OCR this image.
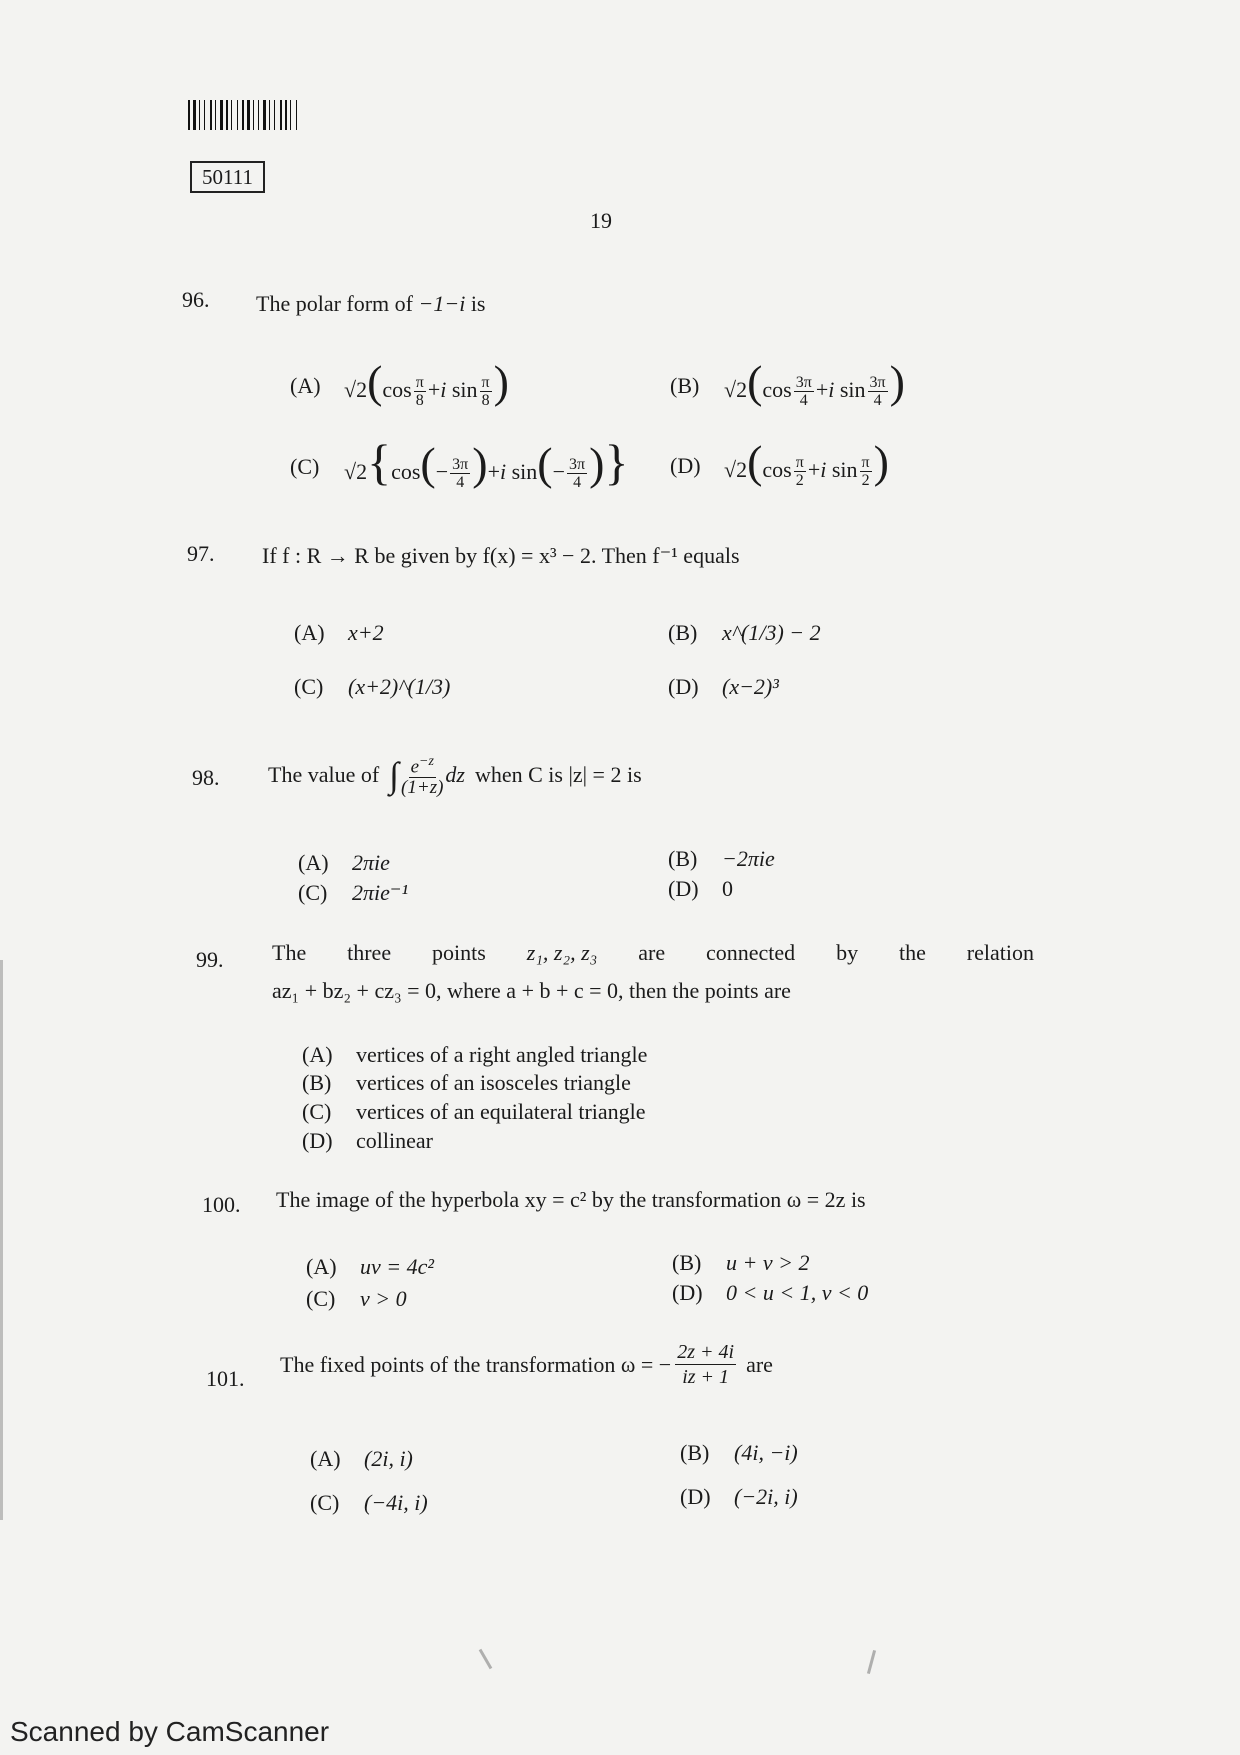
50111
19
96. The polar form of −1−i is
(A)	$√2(\cos \frac{\pi}{8} +i$ $\sin \frac{\pi}{8}$ )	(B)	$√2(\cos \frac{3\pi}{4} +i$ $\sin \frac{3\pi}{4}$ )
(C)	$√2\{\cos(- \frac{3\pi}{4} )+i$ $\sin(- \frac{3\pi}{4}$ )} (D)	$√2(\cos \frac{\pi}{2} +i$ $\sin \frac{\pi}{2}$ )
97. If f : R → R be given by f(x) = x³ − 2. Then f⁻¹ equals
(A)	x+2	(B)	x^(1/3) − 2
(C)	(x+2)^(1/3)	(D)	(x−2)³
98. The value of ∫ $\frac{e^{-z}}{(1+z)}$ dz when C is |z| = 2 is
(A)	2πie	(B)	−2πie
(C)	2πie⁻¹	(D)	0
99. The three points z₁, z₂, z₃ are connected by the relation
az₁ + bz₂ + cz₃ = 0, where a + b + c = 0, then the points are
(A)	vertices of a right angled triangle
(B)	vertices of an isosceles triangle
(C)	vertices of an equilateral triangle
(D)	collinear
100. The image of the hyperbola xy = c² by the transformation ω = 2z is
(A)	uv = 4c²	(B)	u + v > 2
(C)	v > 0	(D)	0 < u < 1, v < 0
101.
The fixed points of the transformation ω = − $\frac{2z + 4i}{iz + 1}$ are
(A)	(2i, i)	(B)	(4i, −i)
(C)	(−4i, i)	(D)	(−2i, i)
Scanned by CamScanner
